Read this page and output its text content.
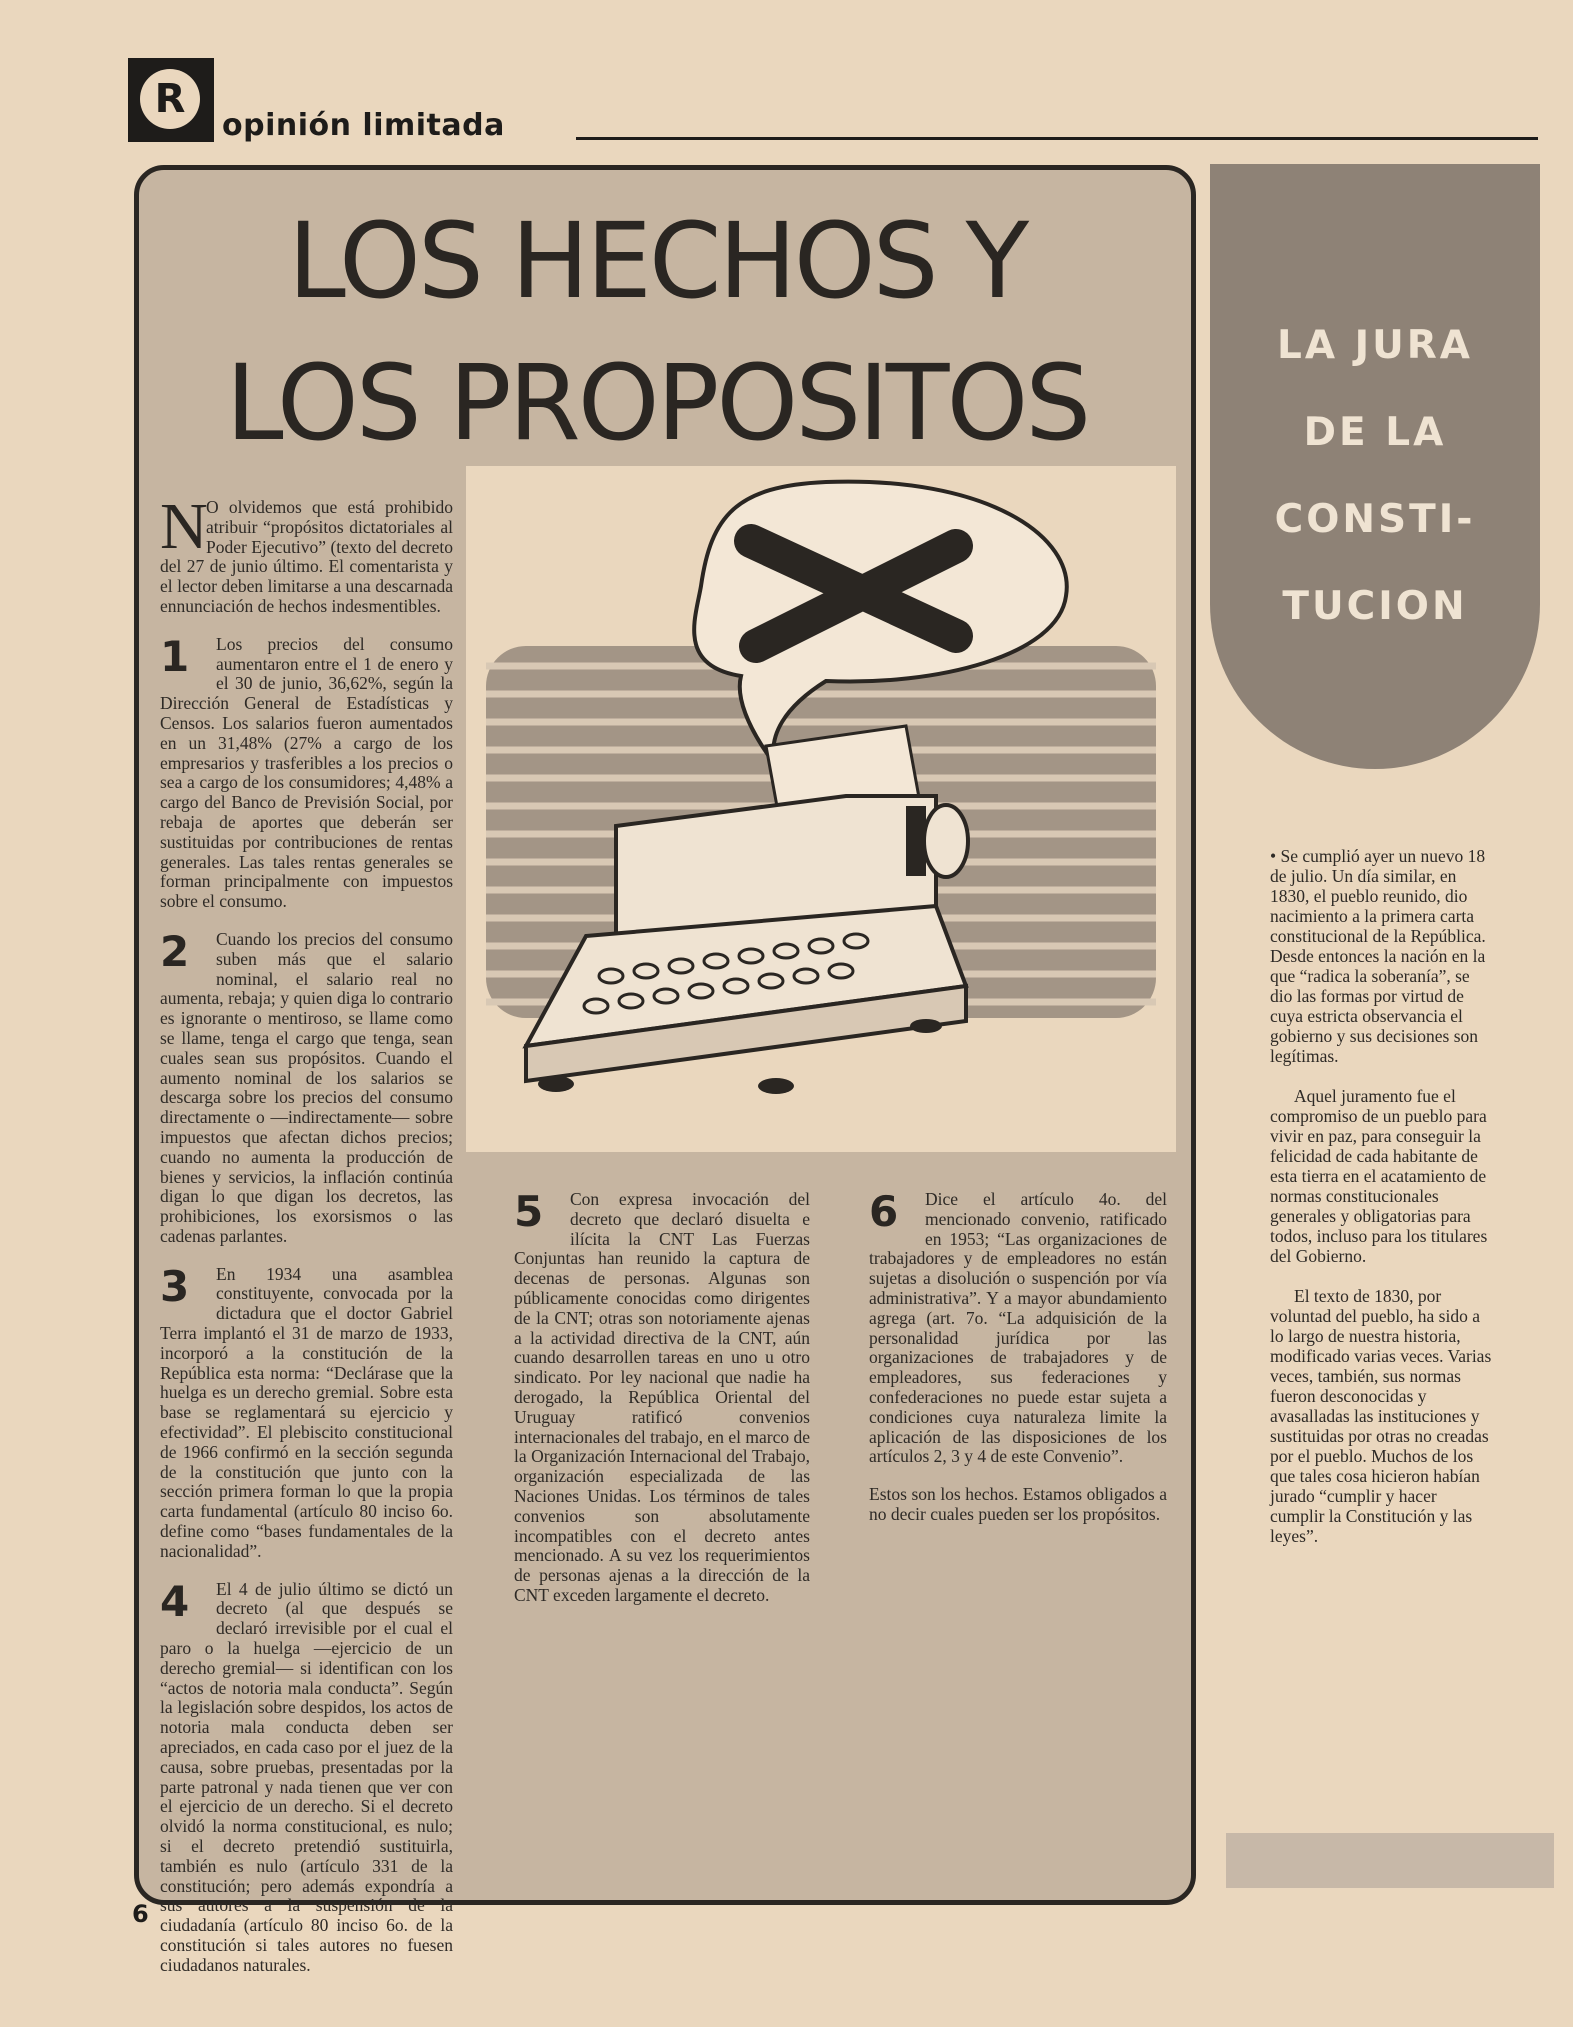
R
opinión limitada
LOS HECHOS Y
LOS PROPOSITOS

N
O olvidemos que está prohibido atribuir “propósitos dictatoriales al Poder Ejecutivo” (texto del decreto del 27 de junio último. El comentarista y el lector deben limitarse a una descarnada ennunciación de hechos indesmentibles.

1	Los precios del consumo aumentaron entre el 1 de enero y el 30 de junio, 36,62%, según la Dirección General de Estadísticas y Censos. Los salarios fueron aumentados en un 31,48% (27% a cargo de los empresarios y trasferibles a los precios o sea a cargo de los consumidores; 4,48% a cargo del Banco de Previsión Social, por rebaja de aportes que deberán ser sustituidas por contribuciones de rentas generales. Las tales rentas generales se forman principalmente con impuestos sobre el consumo.

2	Cuando los precios del consumo suben más que el salario nominal, el salario real no aumenta, rebaja; y quien diga lo contrario es ignorante o mentiroso, se llame como se llame, tenga el cargo que tenga, sean cuales sean sus propósitos. Cuando el aumento nominal de los salarios se descarga sobre los precios del consumo directamente o —indirectamente— sobre impuestos que afectan dichos precios; cuando no aumenta la producción de bienes y servicios, la inflación continúa digan lo que digan los decretos, las prohibiciones, los exorsismos o las cadenas parlantes.

3	En 1934 una asamblea constituyente, convocada por la dictadura que el doctor Gabriel Terra implantó el 31 de marzo de 1933, incorporó a la constitución de la República esta norma: “Declárase que la huelga es un derecho gremial. Sobre esta base se reglamentará su ejercicio y efectividad”. El plebiscito constitucional de 1966 confirmó en la sección segunda de la constitución que junto con la sección primera forman lo que la propia carta fundamental (artículo 80 inciso 6o. define como “bases fundamentales de la nacionalidad”.

4	El 4 de julio último se dictó un decreto (al que después se declaró irrevisible por el cual el paro o la huelga —ejercicio de un derecho gremial— si identifican con los “actos de notoria mala conducta”. Según la legislación sobre despidos, los actos de notoria mala conducta deben ser apreciados, en cada caso por el juez de la causa, sobre pruebas, presentadas por la parte patronal y nada tienen que ver con el ejercicio de un derecho. Si el decreto olvidó la norma constitucional, es nulo; si el decreto pretendió sustituirla, también es nulo (artículo 331 de la constitución; pero además expondría a sus autores a la suspensión de la ciudadanía (artículo 80 inciso 6o. de la constitución si tales autores no fuesen ciudadanos naturales.

5	Con expresa invocación del decreto que declaró disuelta e ilícita la CNT Las Fuerzas Conjuntas han reunido la captura de decenas de personas. Algunas son públicamente conocidas como dirigentes de la CNT; otras son notoriamente ajenas a la actividad directiva de la CNT, aún cuando desarrollen tareas en uno u otro sindicato. Por ley nacional que nadie ha derogado, la República Oriental del Uruguay ratificó convenios internacionales del trabajo, en el marco de la Organización Internacional del Trabajo, organización especializada de las Naciones Unidas. Los términos de tales convenios son absolutamente incompatibles con el decreto antes mencionado. A su vez los requerimientos de personas ajenas a la dirección de la CNT exceden largamente el decreto.

6	Dice el artículo 4o. del mencionado convenio, ratificado en 1953; “Las organizaciones de trabajadores y de empleadores no están sujetas a disolución o suspención por vía administrativa”. Y a mayor abundamiento agrega (art. 7o. “La adquisición de la personalidad jurídica por las organizaciones de trabajadores y de empleadores, sus federaciones y confederaciones no puede estar sujeta a condiciones cuya naturaleza limite la aplicación de las disposiciones de los artículos 2, 3 y 4 de este Convenio”.

Estos son los hechos. Estamos obligados a no decir cuales pueden ser los propósitos.

LA JURA
DE LA
CONSTI-
TUCION

• Se cumplió ayer un nuevo 18 de julio. Un día similar, en 1830, el pueblo reunido, dio nacimiento a la primera carta constitucional de la República. Desde entonces la nación en la que “radica la soberanía”, se dio las formas por virtud de cuya estricta observancia el gobierno y sus decisiones son legítimas.

Aquel juramento fue el compromiso de un pueblo para vivir en paz, para conseguir la felicidad de cada habitante de esta tierra en el acatamiento de normas constitucionales generales y obligatorias para todos, incluso para los titulares del Gobierno.

El texto de 1830, por voluntad del pueblo, ha sido a lo largo de nuestra historia, modificado varias veces. Varias veces, también, sus normas fueron desconocidas y avasalladas las instituciones y sustituidas por otras no creadas por el pueblo. Muchos de los que tales cosa hicieron habían jurado “cumplir y hacer cumplir la Constitución y las leyes”.

6
